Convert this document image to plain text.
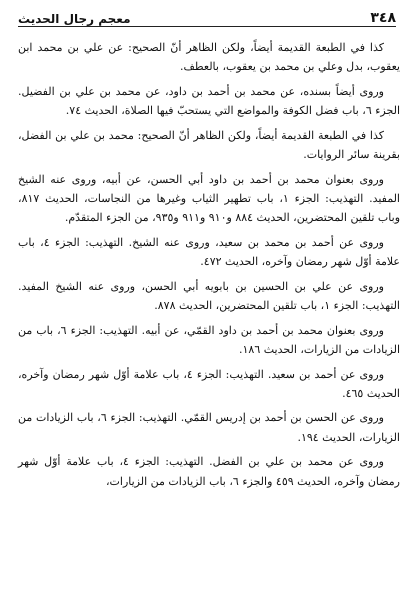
٣٤٨
معجم رجال الحديث

كذا في الطبعة القديمة أيضاً، ولكن الظاهر أنّ الصحيح: عن علي بن محمد ابن يعقوب، بدل وعلي بن محمد بن يعقوب، بالعطف.

وروى أيضاً بسنده، عن محمد بن أحمد بن داود، عن محمد بن علي بن الفضيل. الجزء ٦، باب فضل الكوفة والمواضع التي يستحبّ فيها الصلاة، الحديث ٧٤.

كذا في الطبعة القديمة أيضاً، ولكن الظاهر أنّ الصحيح: محمد بن علي بن الفضل، بقرينة سائر الروايات.

وروى بعنوان محمد بن أحمد بن داود أبي الحسن، عن أبيه، وروى عنه الشيخ المفيد. التهذيب: الجزء ١، باب تطهير الثياب وغيرها من النجاسات، الحديث ٨١٧، وباب تلقين المحتضرين، الحديث ٨٨٤ و٩١٠ و٩١١ و٩٣٥، من الجزء المتقدّم.

وروى عن أحمد بن محمد بن سعيد، وروى عنه الشيخ. التهذيب: الجزء ٤، باب علامة أوّل شهر رمضان وآخره، الحديث ٤٧٢.

وروى عن علي بن الحسين بن بابويه أبي الحسن، وروى عنه الشيخ المفيد. التهذيب: الجزء ١، باب تلقين المحتضرين، الحديث ٨٧٨.

وروى بعنوان محمد بن أحمد بن داود القمّي، عن أبيه. التهذيب: الجزء ٦، باب من الزيادات من الزيارات، الحديث ١٨٦.

وروى عن أحمد بن سعيد. التهذيب: الجزء ٤، باب علامة أوّل شهر رمضان وآخره، الحديث ٤٦٥.

وروى عن الحسن بن أحمد بن إدريس القمّي. التهذيب: الجزء ٦، باب الزيادات من الزيارات، الحديث ١٩٤.

وروى عن محمد بن علي بن الفضل. التهذيب: الجزء ٤، باب علامة أوّل شهر رمضان وآخره، الحديث ٤٥٩ والجزء ٦، باب الزيادات من الزيارات،
